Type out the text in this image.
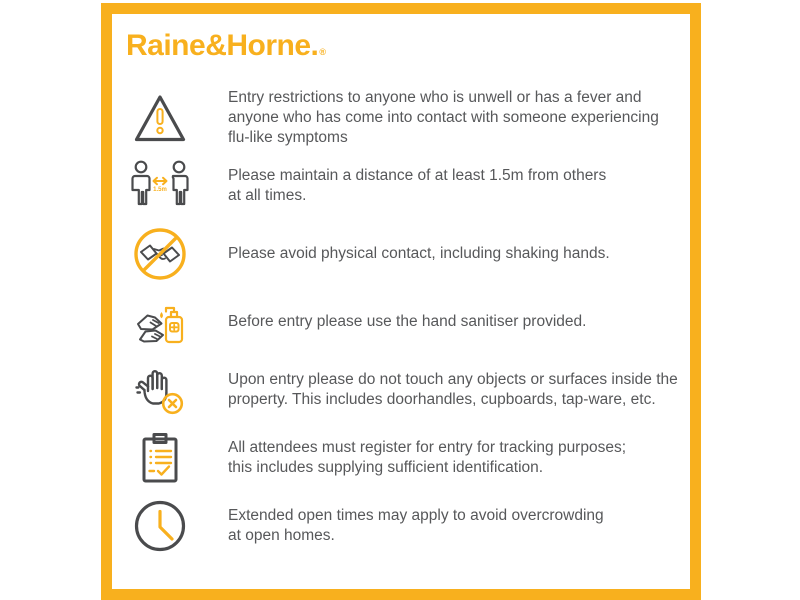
Raine&Horne.®
Entry restrictions to anyone who is unwell or has a fever and
anyone who has come into contact with someone experiencing
flu-like symptoms
1.5m
Please maintain a distance of at least 1.5m from others
at all times.
Please avoid physical contact, including shaking hands.
Before entry please use the hand sanitiser provided.
Upon entry please do not touch any objects or surfaces inside the
property. This includes doorhandles, cupboards, tap-ware, etc.
All attendees must register for entry for tracking purposes;
this includes supplying sufficient identification.
Extended open times may apply to avoid overcrowding
at open homes.
